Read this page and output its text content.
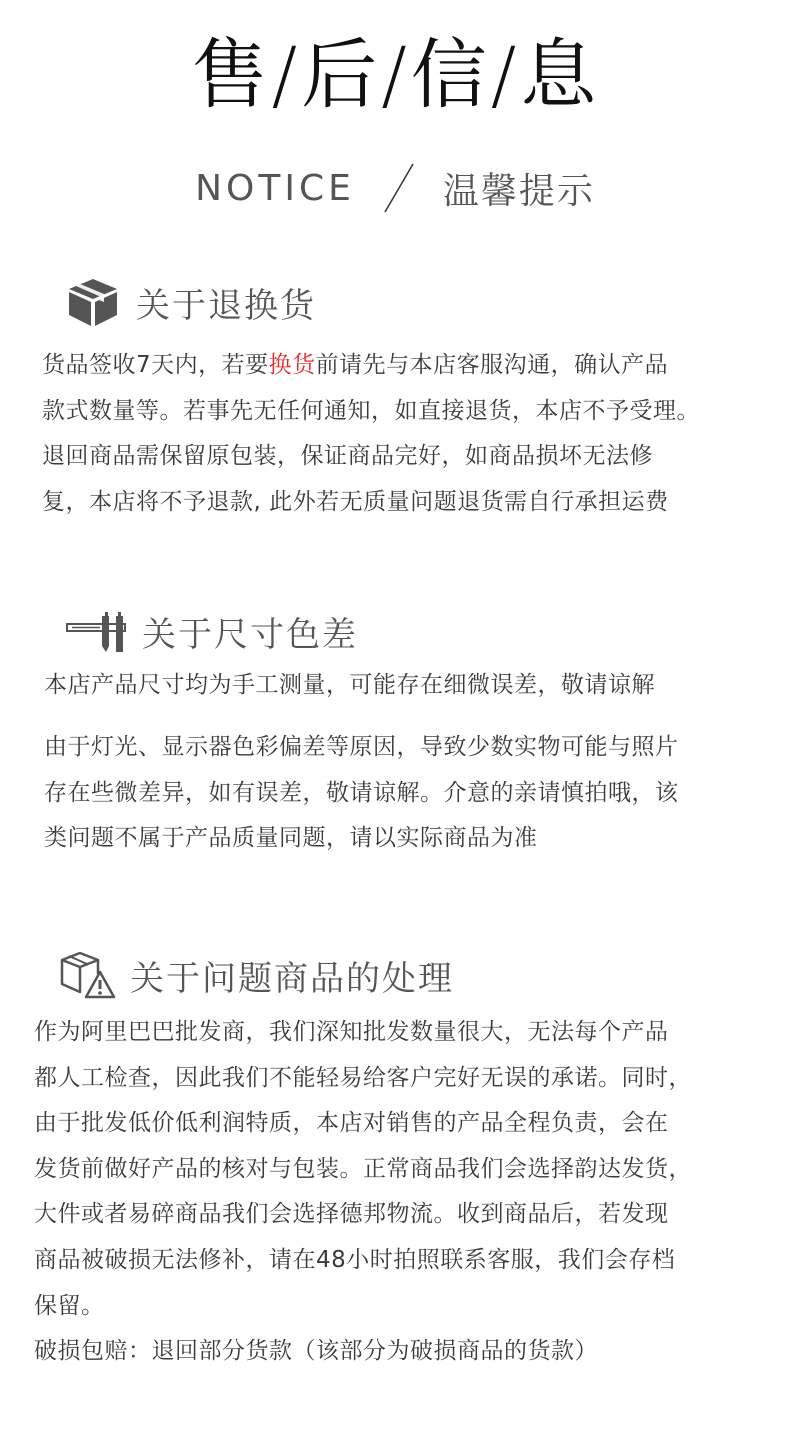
售/后/信/息
NOTICE 温馨提示
关于退换货

货品签收7天内，若要换货前请先与本店客服沟通，确认产品
款式数量等。若事先无任何通知，如直接退货，本店不予受理。
退回商品需保留原包装，保证商品完好，如商品损坏无法修
复，本店将不予退款, 此外若无质量问题退货需自行承担运费

关于尺寸色差

本店产品尺寸均为手工测量，可能存在细微误差，敬请谅解

由于灯光、显示器色彩偏差等原因，导致少数实物可能与照片
存在些微差异，如有误差，敬请谅解。介意的亲请慎拍哦，该
类问题不属于产品质量同题，请以实际商品为准

关于问题商品的处理

作为阿里巴巴批发商，我们深知批发数量很大，无法每个产品
都人工检查，因此我们不能轻易给客户完好无误的承诺。同时，
由于批发低价低利润特质，本店对销售的产品全程负责，会在
发货前做好产品的核对与包装。正常商品我们会选择韵达发货，
大件或者易碎商品我们会选择德邦物流。收到商品后，若发现
商品被破损无法修补，请在48小时拍照联系客服，我们会存档
保留。
破损包赔：退回部分货款（该部分为破损商品的货款）
